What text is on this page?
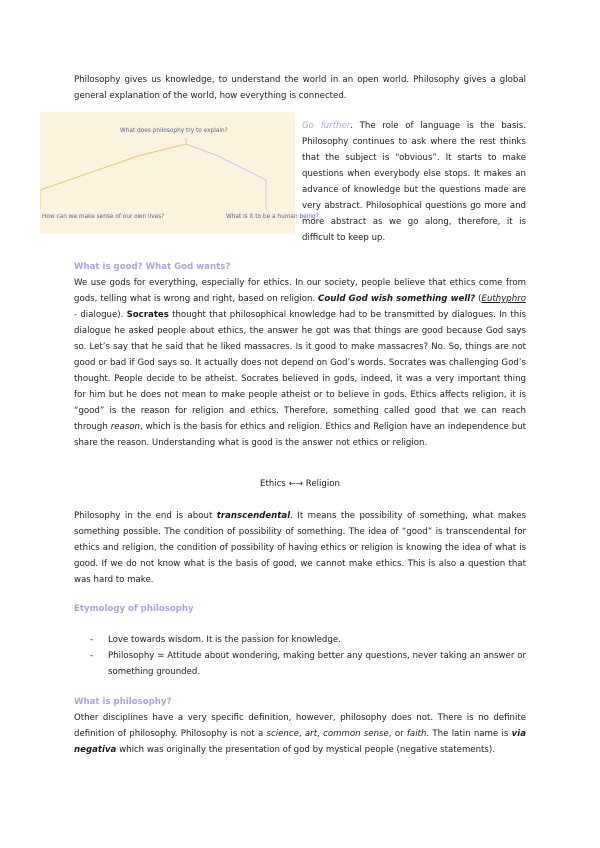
Philosophy gives us knowledge, to understand the world in an open world. Philosophy gives a global general explanation of the world, how everything is connected.
What does philosophy try to explain?
How can we make sense of our own lives?	What is it to be a human being?
Go further. The role of language is the basis. Philosophy continues to ask where the rest thinks that the subject is “obvious”. It starts to make questions when everybody else stops. It makes an advance of knowledge but the questions made are very abstract. Philosophical questions go more and more abstract as we go along, therefore, it is difficult to keep up.
What is good? What God wants?
We use gods for everything, especially for ethics. In our society, people believe that ethics come from gods, telling what is wrong and right, based on religion. Could God wish something well? (Euthyphro - dialogue). Socrates thought that philosophical knowledge had to be transmitted by dialogues. In this dialogue he asked people about ethics, the answer he got was that things are good because God says so. Let’s say that he said that he liked massacres. Is it good to make massacres? No. So, things are not good or bad if God says so. It actually does not depend on God’s words. Socrates was challenging God’s thought. People decide to be atheist. Socrates believed in gods, indeed, it was a very important thing for him but he does not mean to make people atheist or to believe in gods. Ethics affects religion, it is “good” is the reason for religion and ethics. Therefore, something called good that we can reach through reason, which is the basis for ethics and religion. Ethics and Religion have an independence but share the reason. Understanding what is good is the answer not ethics or religion.
Ethics ←→ Religion
Philosophy in the end is about transcendental. It means the possibility of something, what makes something possible. The condition of possibility of something. The idea of “good” is transcendental for ethics and religion, the condition of possibility of having ethics or religion is knowing the idea of what is good. If we do not know what is the basis of good, we cannot make ethics. This is also a question that was hard to make.
Etymology of philosophy
- Love towards wisdom. It is the passion for knowledge.
- Philosophy = Attitude about wondering, making better any questions, never taking an answer or something grounded.
What is philosophy?
Other disciplines have a very specific definition, however, philosophy does not. There is no definite definition of philosophy. Philosophy is not a science, art, common sense, or faith. The latin name is via negativa which was originally the presentation of god by mystical people (negative statements).
